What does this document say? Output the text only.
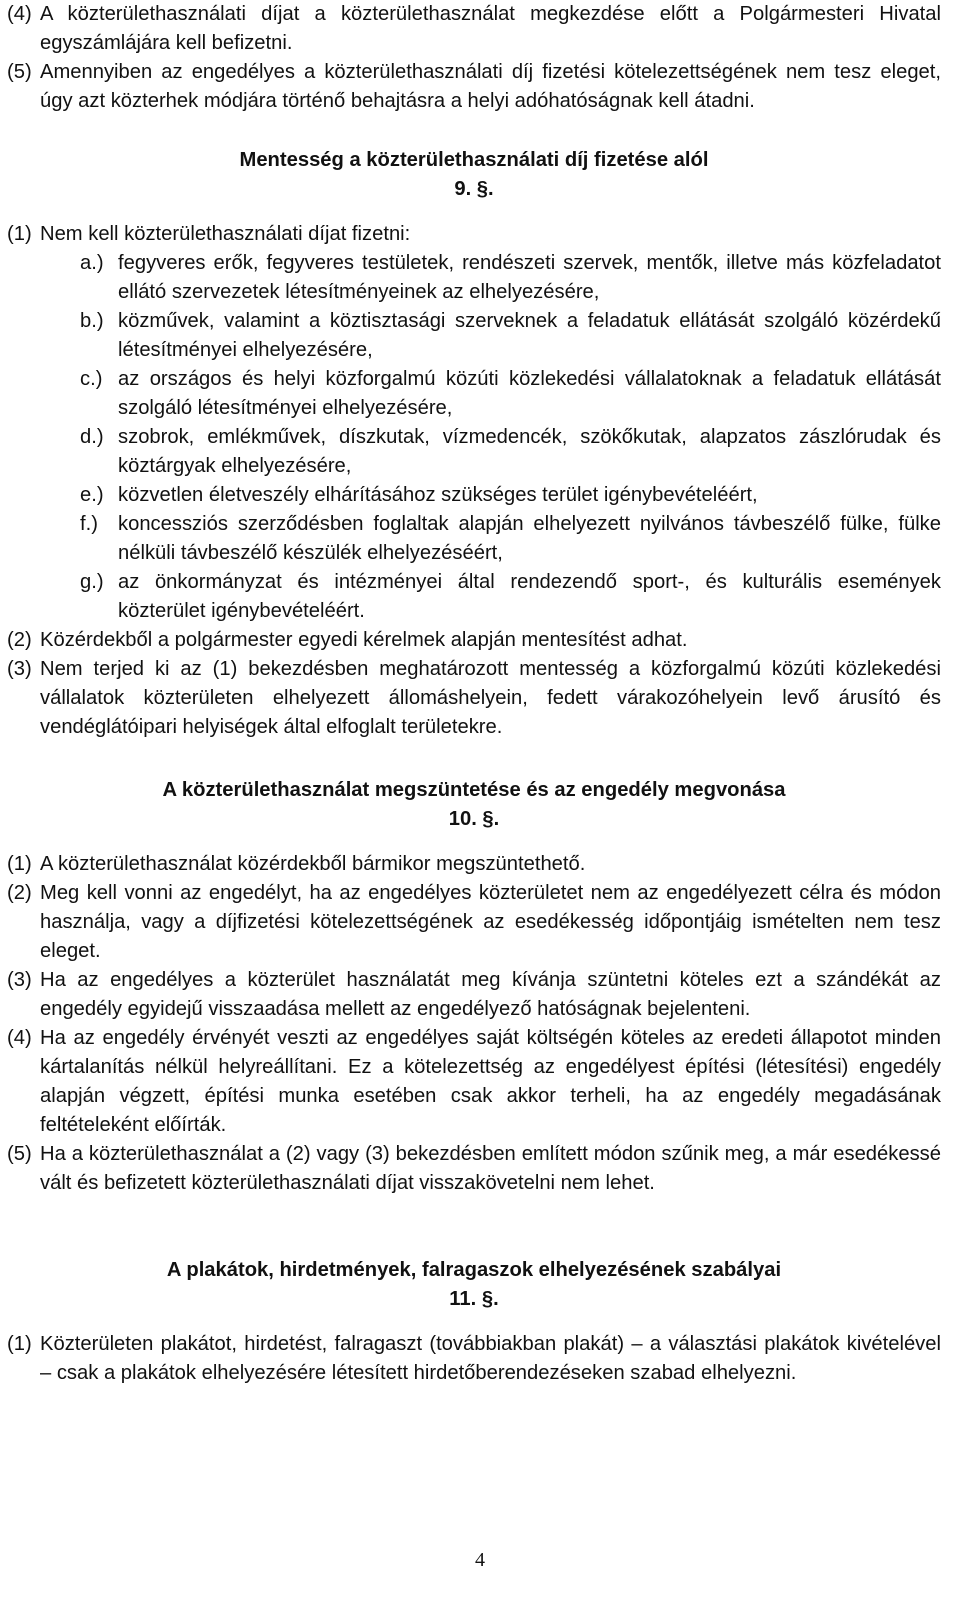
(4) A közterülethasználati díjat a közterülethasználat megkezdése előtt a Polgármesteri Hivatal egyszámlájára kell befizetni.
(5) Amennyiben az engedélyes a közterülethasználati díj fizetési kötelezettségének nem tesz eleget, úgy azt közterhek módjára történő behajtásra a helyi adóhatóságnak kell átadni.
Mentesség a közterülethasználati díj fizetése alól
9. §.
(1) Nem kell közterülethasználati díjat fizetni:
a.) fegyveres erők, fegyveres testületek, rendészeti szervek, mentők, illetve más közfeladatot ellátó szervezetek létesítményeinek az elhelyezésére,
b.) közművek, valamint a köztisztasági szerveknek a feladatuk ellátását szolgáló közérdekű létesítményei elhelyezésére,
c.) az országos és helyi közforgalmú közúti közlekedési vállalatoknak a feladatuk ellátását szolgáló létesítményei elhelyezésére,
d.) szobrok, emlékművek, díszkutak, vízmedencék, szökőkutak, alapzatos zászlórudak és köztárgyak elhelyezésére,
e.) közvetlen életveszély elhárításához szükséges terület igénybevételéért,
f.) koncessziós szerződésben foglaltak alapján elhelyezett nyilvános távbeszélő fülke, fülke nélküli távbeszélő készülék elhelyezéséért,
g.) az önkormányzat és intézményei által rendezendő sport-, és kulturális események közterület igénybevételéért.
(2) Közérdekből a polgármester egyedi kérelmek alapján mentesítést adhat.
(3) Nem terjed ki az (1) bekezdésben meghatározott mentesség a közforgalmú közúti közlekedési vállalatok közterületen elhelyezett állomáshelyein, fedett várakozóhelyein levő árusító és vendéglátóipari helyiségek által elfoglalt területekre.
A közterülethasználat megszüntetése és az engedély megvonása
10. §.
(1) A közterülethasználat közérdekből bármikor megszüntethető.
(2) Meg kell vonni az engedélyt, ha az engedélyes közterületet nem az engedélyezett célra és módon használja, vagy a díjfizetési kötelezettségének az esedékesség időpontjáig ismételten nem tesz eleget.
(3) Ha az engedélyes a közterület használatát meg kívánja szüntetni köteles ezt a szándékát az engedély egyidejű visszaadása mellett az engedélyező hatóságnak bejelenteni.
(4) Ha az engedély érvényét veszti az engedélyes saját költségén köteles az eredeti állapotot minden kártalanítás nélkül helyreállítani. Ez a kötelezettség az engedélyest építési (létesítési) engedély alapján végzett, építési munka esetében csak akkor terheli, ha az engedély megadásának feltételeként előírták.
(5) Ha a közterülethasználat a (2) vagy (3) bekezdésben említett módon szűnik meg, a már esedékessé vált és befizetett közterülethasználati díjat visszakövetelni nem lehet.
A plakátok, hirdetmények, falragaszok elhelyezésének szabályai
11. §.
(1) Közterületen plakátot, hirdetést, falragaszt (továbbiakban plakát) – a választási plakátok kivételével – csak a plakátok elhelyezésére létesített hirdetőberendezéseken szabad elhelyezni.
4
